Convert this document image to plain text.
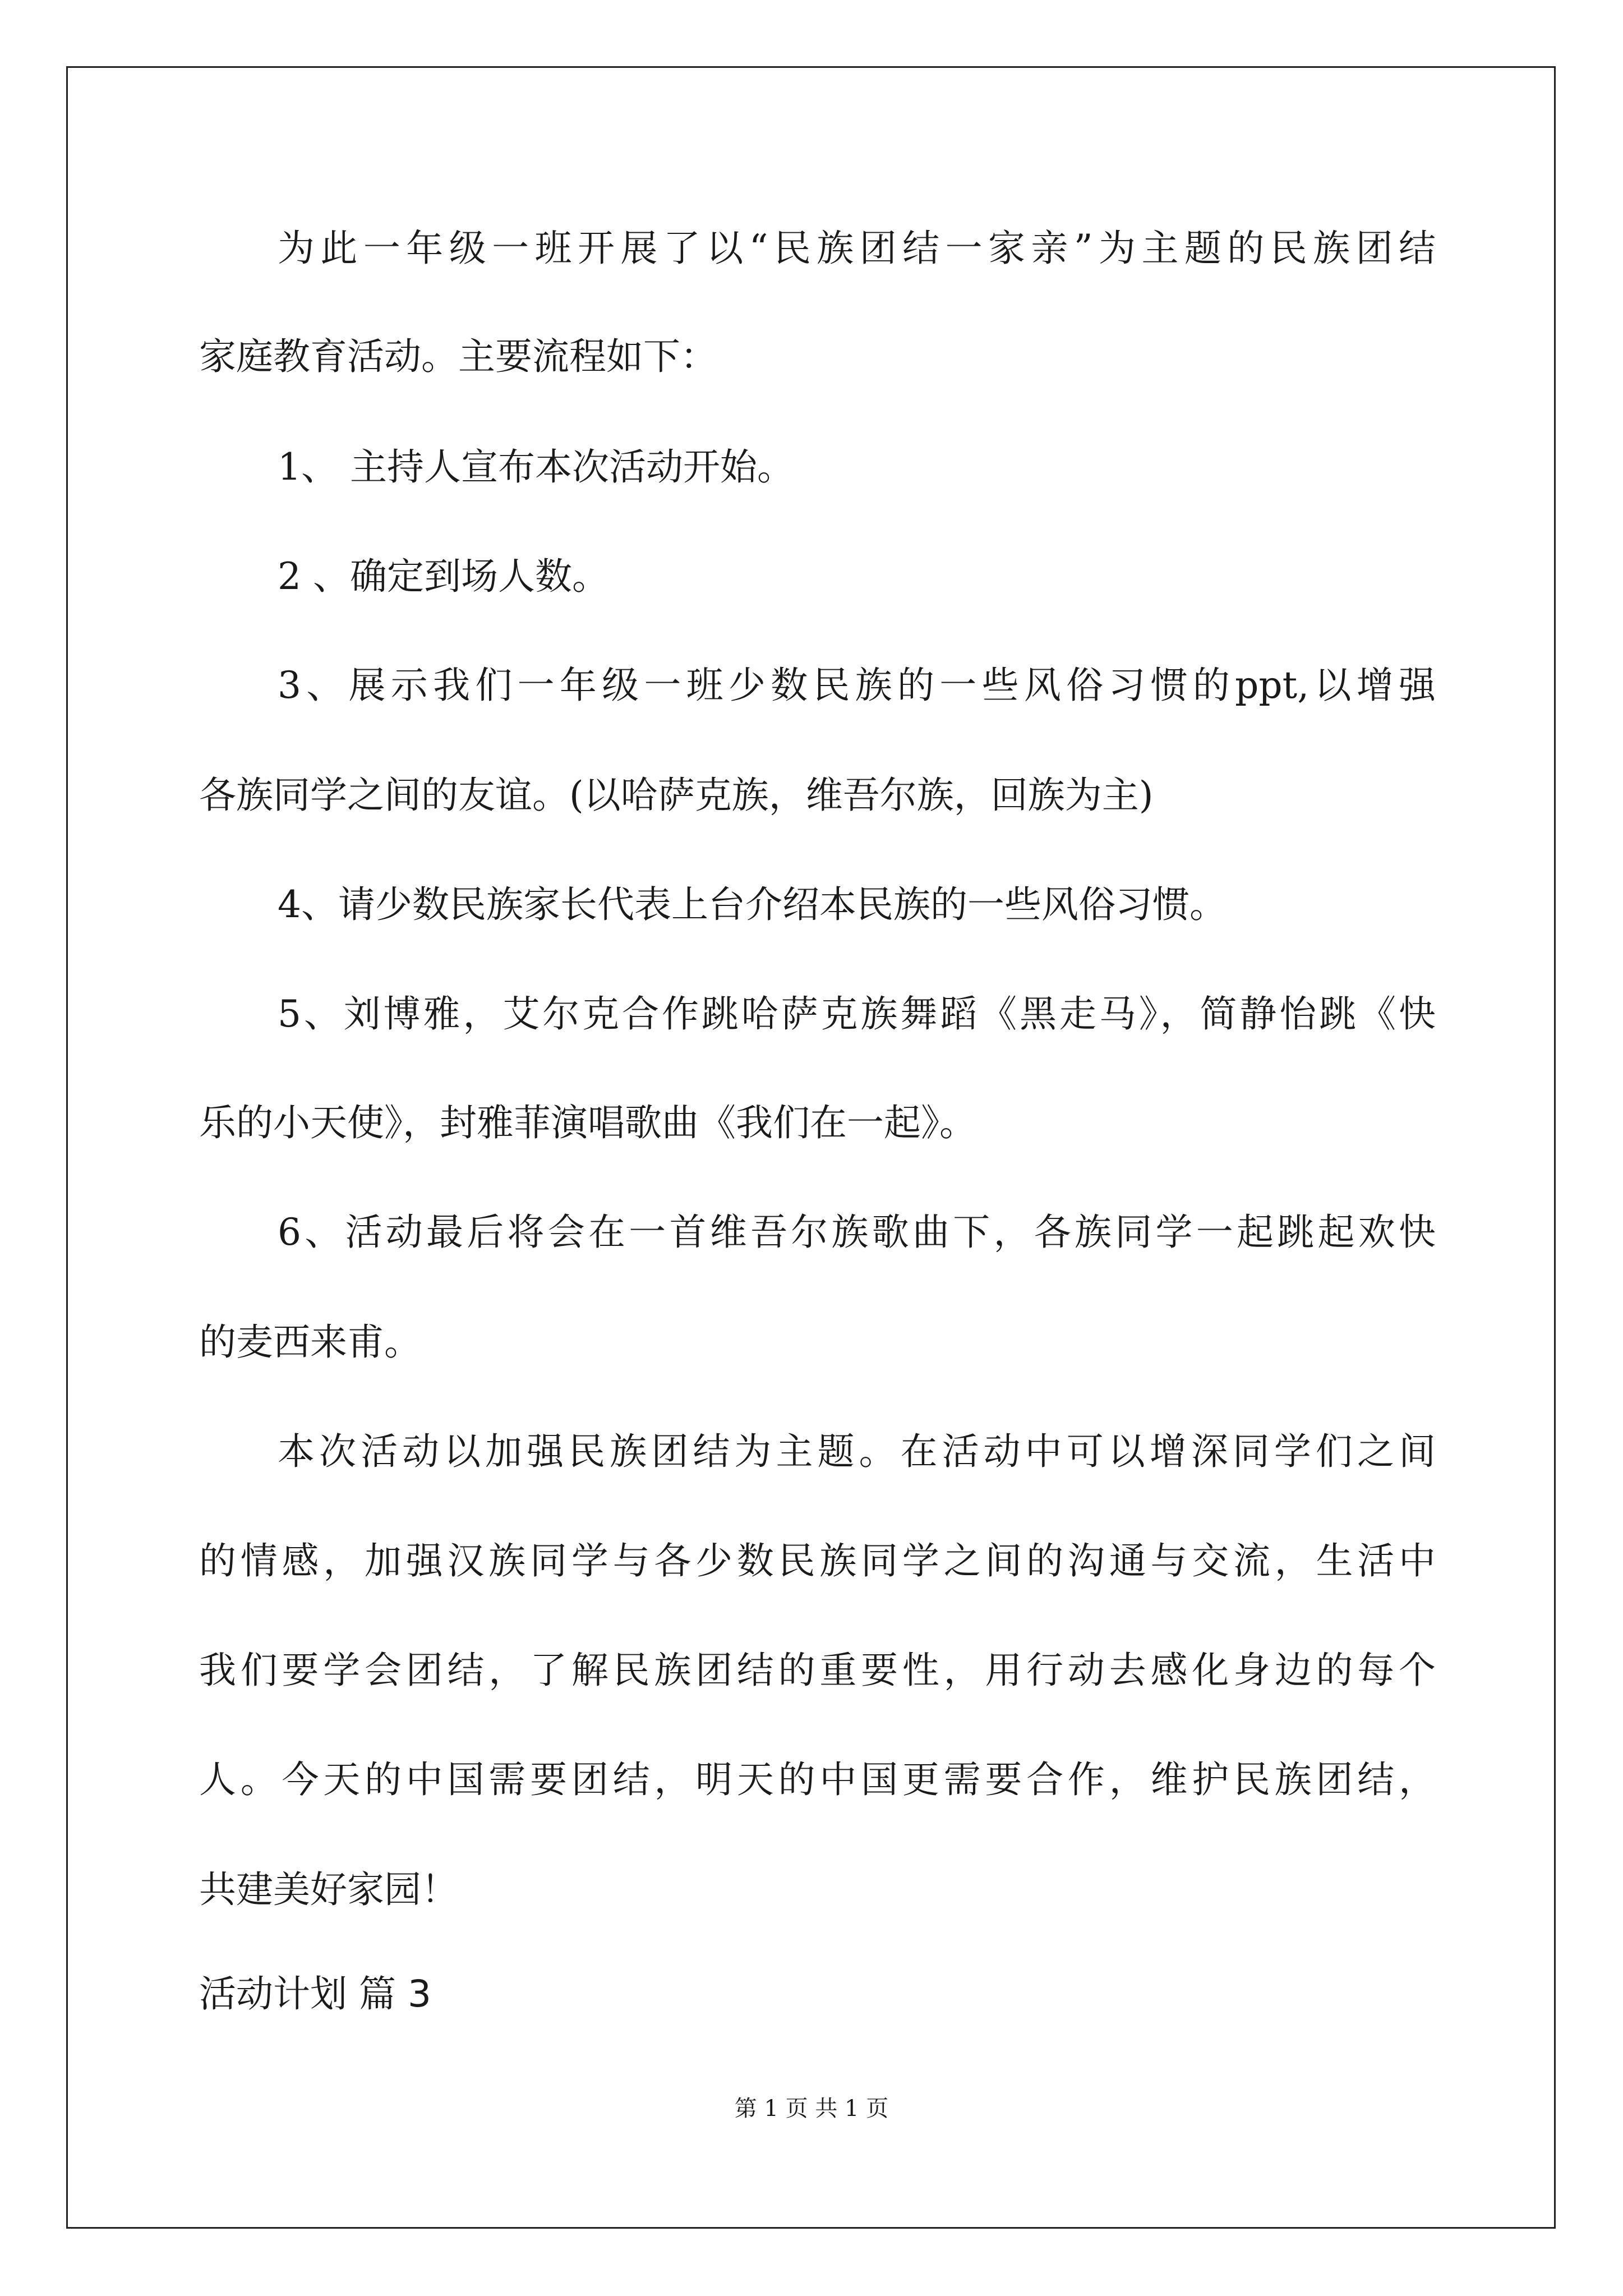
为此一年级一班开展了以“民族团结一家亲”为主题的民族团结
家庭教育活动。主要流程如下：
1、 主持人宣布本次活动开始。
2 、确定到场人数。
3、展示我们一年级一班少数民族的一些风俗习惯的ppt,以增强
各族同学之间的友谊。(以哈萨克族，维吾尔族，回族为主)
4、请少数民族家长代表上台介绍本民族的一些风俗习惯。
5、刘博雅，艾尔克合作跳哈萨克族舞蹈《黑走马》，简静怡跳《快
乐的小天使》，封雅菲演唱歌曲《我们在一起》。
6、活动最后将会在一首维吾尔族歌曲下，各族同学一起跳起欢快
的麦西来甫。
本次活动以加强民族团结为主题。在活动中可以增深同学们之间
的情感，加强汉族同学与各少数民族同学之间的沟通与交流，生活中
我们要学会团结，了解民族团结的重要性，用行动去感化身边的每个
人。今天的中国需要团结，明天的中国更需要合作，维护民族团结，
共建美好家园！
活动计划 篇 3
第 1 页 共 1 页
